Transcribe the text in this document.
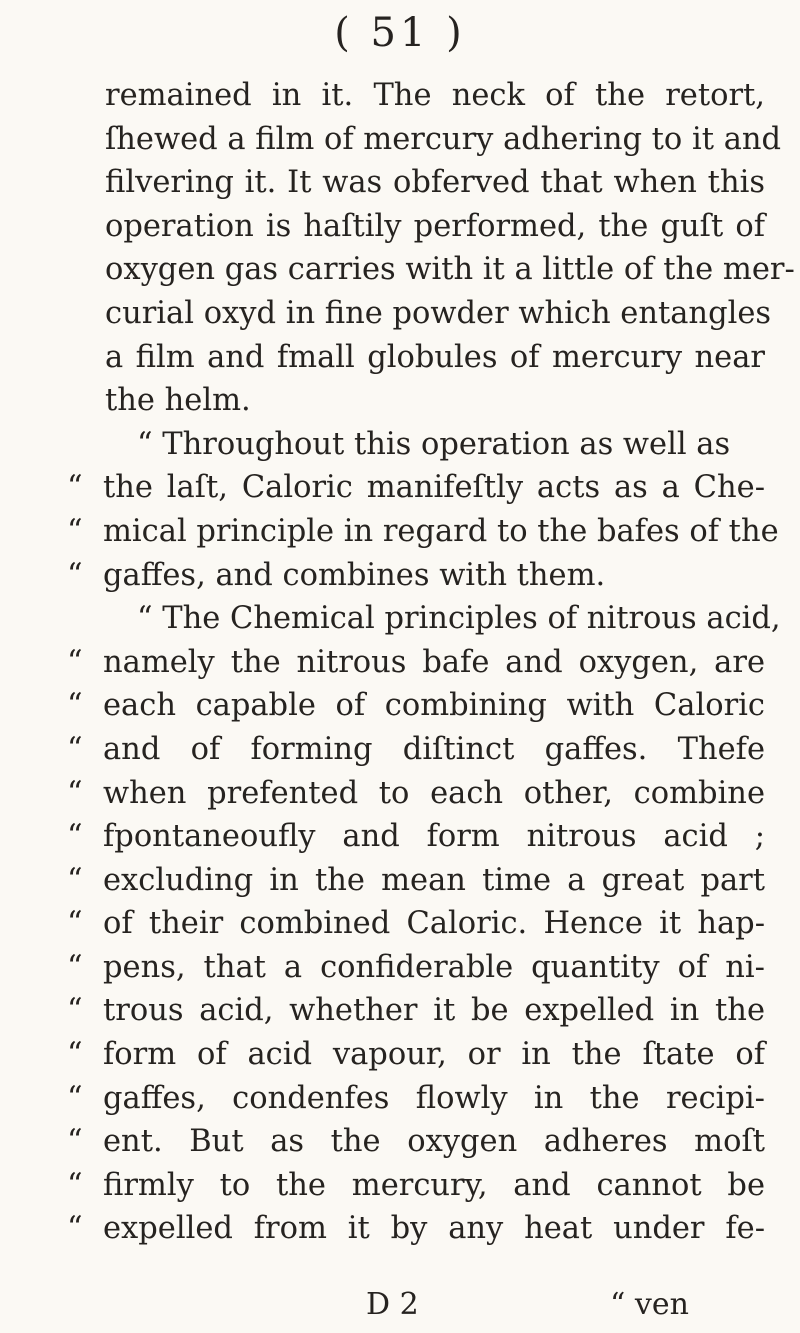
( 51 )
remained in it. The neck of the retort,
ſhewed a film of mercury adhering to it and
filvering it. It was obferved that when this
operation is haſtily performed, the guſt of
oxygen gas carries with it a little of the mer-
curial oxyd in fine powder which entangles
a film and fmall globules of mercury near
the helm.
“ Throughout this operation as well as
“ the laſt, Caloric manifeſtly acts as a Che-
“ mical principle in regard to the bafes of the
“ gaffes, and combines with them.
“ The Chemical principles of nitrous acid,
“ namely the nitrous bafe and oxygen, are
“ each capable of combining with Caloric
“ and of forming diſtinct gaffes. Thefe
“ when prefented to each other, combine
“ fpontaneoufly and form nitrous acid ;
“ excluding in the mean time a great part
“ of their combined Caloric. Hence it hap-
“ pens, that a confiderable quantity of ni-
“ trous acid, whether it be expelled in the
“ form of acid vapour, or in the ſtate of
“ gaffes, condenfes flowly in the recipi-
“ ent. But as the oxygen adheres moſt
“ firmly to the mercury, and cannot be
“ expelled from it by any heat under fe-
D 2	“ ven
